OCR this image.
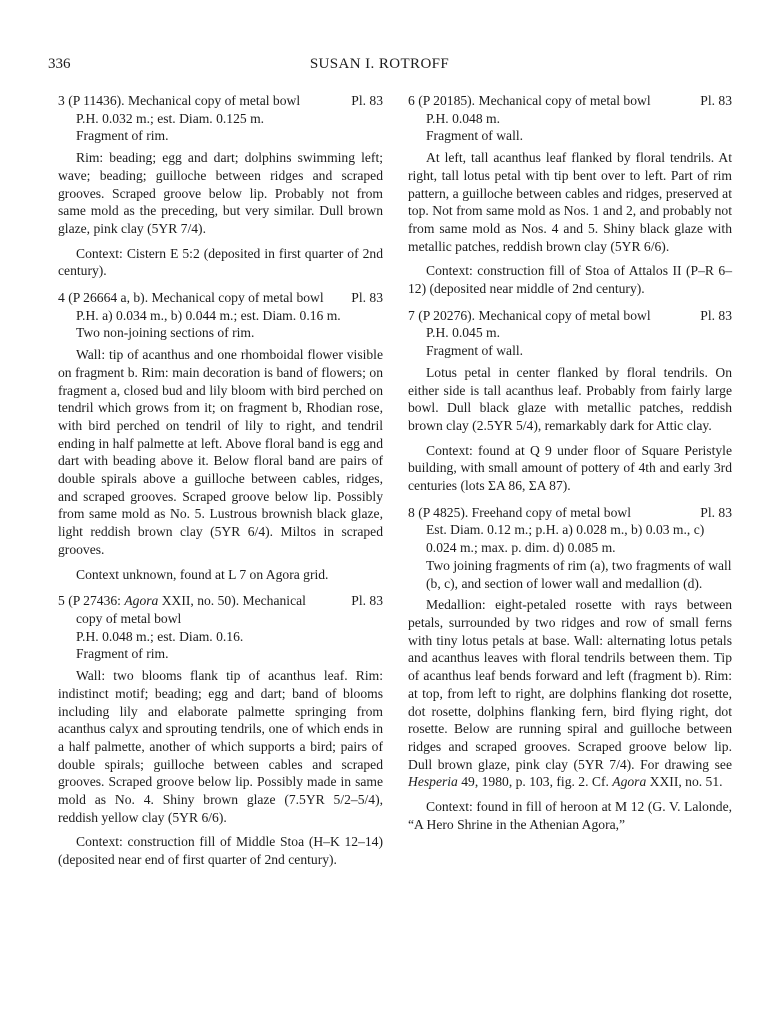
336	SUSAN I. ROTROFF
3 (P 11436). Mechanical copy of metal bowl	Pl. 83

P.H. 0.032 m.; est. Diam. 0.125 m.

Fragment of rim.

Rim: beading; egg and dart; dolphins swimming left; wave; beading; guilloche between ridges and scraped grooves. Scraped groove below lip. Probably not from same mold as the preceding, but very similar. Dull brown glaze, pink clay (5YR 7/4).

Context: Cistern E 5:2 (deposited in first quarter of 2nd century).

4 (P 26664 a, b). Mechanical copy of metal bowl	Pl. 83

P.H. a) 0.034 m., b) 0.044 m.; est. Diam. 0.16 m.

Two non-joining sections of rim.

Wall: tip of acanthus and one rhomboidal flower visible on fragment b. Rim: main decoration is band of flowers; on fragment a, closed bud and lily bloom with bird perched on tendril which grows from it; on fragment b, Rhodian rose, with bird perched on tendril of lily to right, and tendril ending in half palmette at left. Above floral band is egg and dart with beading above it. Below floral band are pairs of double spirals above a guilloche between cables, ridges, and scraped grooves. Scraped groove below lip. Possibly from same mold as No. 5. Lustrous brownish black glaze, light reddish brown clay (5YR 6/4). Miltos in scraped grooves.

Context unknown, found at L 7 on Agora grid.

5 (P 27436: Agora XXII, no. 50). Mechanical copy of metal bowl
Pl. 83

P.H. 0.048 m.; est. Diam. 0.16.

Fragment of rim.

Wall: two blooms flank tip of acanthus leaf. Rim: indistinct motif; beading; egg and dart; band of blooms including lily and elaborate palmette springing from acanthus calyx and sprouting tendrils, one of which ends in a half palmette, another of which supports a bird; pairs of double spirals; guilloche between cables and scraped grooves. Scraped groove below lip. Possibly made in same mold as No. 4. Shiny brown glaze (7.5YR 5/2–5/4), reddish yellow clay (5YR 6/6).

Context: construction fill of Middle Stoa (H–K 12–14) (deposited near end of first quarter of 2nd century).

6 (P 20185). Mechanical copy of metal bowl	Pl. 83

P.H. 0.048 m.

Fragment of wall.

At left, tall acanthus leaf flanked by floral tendrils. At right, tall lotus petal with tip bent over to left. Part of rim pattern, a guilloche between cables and ridges, preserved at top. Not from same mold as Nos. 1 and 2, and probably not from same mold as Nos. 4 and 5. Shiny black glaze with metallic patches, reddish brown clay (5YR 6/6).

Context: construction fill of Stoa of Attalos II (P–R 6–12) (deposited near middle of 2nd century).

7 (P 20276). Mechanical copy of metal bowl	Pl. 83

P.H. 0.045 m.

Fragment of wall.

Lotus petal in center flanked by floral tendrils. On either side is tall acanthus leaf. Probably from fairly large bowl. Dull black glaze with metallic patches, reddish brown clay (2.5YR 5/4), remarkably dark for Attic clay.

Context: found at Q 9 under floor of Square Peristyle building, with small amount of pottery of 4th and early 3rd centuries (lots ΣA 86, ΣA 87).

8 (P 4825). Freehand copy of metal bowl	Pl. 83

Est. Diam. 0.12 m.; p.H. a) 0.028 m., b) 0.03 m., c) 0.024 m.; max. p. dim. d) 0.085 m.

Two joining fragments of rim (a), two fragments of wall (b, c), and section of lower wall and medallion (d).

Medallion: eight-petaled rosette with rays between petals, surrounded by two ridges and row of small ferns with tiny lotus petals at base. Wall: alternating lotus petals and acanthus leaves with floral tendrils between them. Tip of acanthus leaf bends forward and left (fragment b). Rim: at top, from left to right, are dolphins flanking dot rosette, dot rosette, dolphins flanking fern, bird flying right, dot rosette. Below are running spiral and guilloche between ridges and scraped grooves. Scraped groove below lip. Dull brown glaze, pink clay (5YR 7/4). For drawing see Hesperia 49, 1980, p. 103, fig. 2. Cf. Agora XXII, no. 51.

Context: found in fill of heroon at M 12 (G. V. Lalonde, “A Hero Shrine in the Athenian Agora,”
